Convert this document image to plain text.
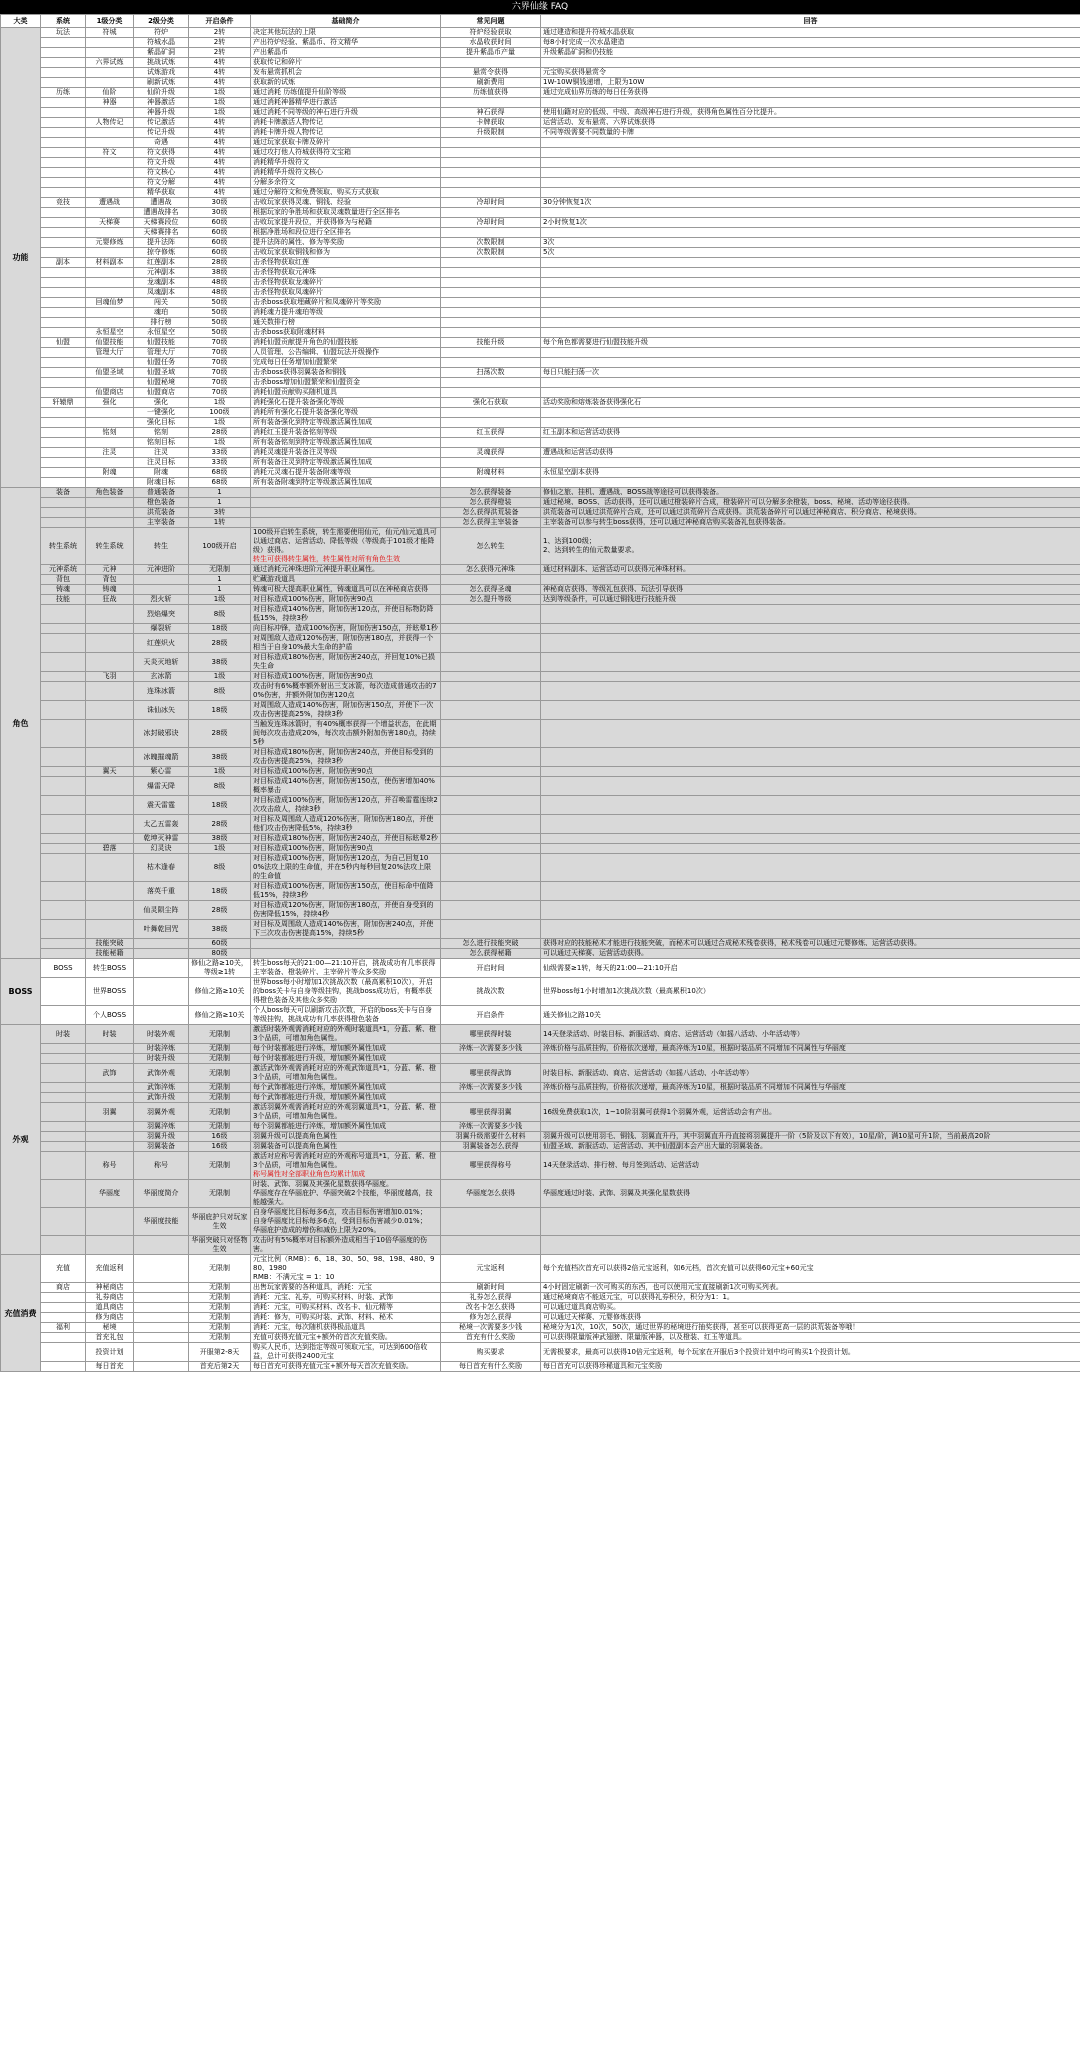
六界仙缘 FAQ
大类	系统	1级分类	2级分类	开启条件	基础简介	常见问题	回答
功能	玩法	符城	符炉	2转	决定其他玩法的上限	符炉经验获取	通过建造和提升符城水晶获取
			符城水晶	2转	产出符炉经验、紫晶币、符文精华	水晶收获时间	每8小时完成一次水晶建造
			紫晶矿洞	2转	产出紫晶币	提升紫晶币产量	升级紫晶矿洞和仍技能
		六界试炼	挑战试炼	4转	获取传记和碎片		
			试炼游戏	4转	发布悬赏抓机会	悬赏令获得	元宝购买获得悬赏令
			刷新试炼	4转	获取新的试炼	刷新费用	1W-10W铜钱递增，上限为10W
	历练	仙阶	仙阶升级	1级	通过消耗 历练值提升仙阶等级	历练值获得	通过完成仙界历练的每日任务获得
		神器	神器激活	1级	通过消耗神器精华进行激活		
			神器升级	1级	通过消耗不同等级的神石进行升级	神石获得	使用仙籍对应的低级、中级、高级神石进行升级，获得角色属性百分比提升。
		人物传记	传记激活	4转	消耗卡牌激活人物传记	卡牌获取	运营活动、发布悬赏、六界试炼获得
			传记升级	4转	消耗卡牌升级人物传记	升级限制	不同等级需要不同数量的卡牌
			奇遇	4转	通过玩家获取卡牌及碎片		
		符文	符文获得	4转	通过攻打他人符城获得符文宝箱		
			符文升级	4转	消耗精华升级符文		
			符文核心	4转	消耗精华升级符文核心		
			符文分解	4转	分解多余符文		
			精华获取	4转	通过分解符文和免费领取、购买方式获取		
	竞技	遭遇战	遭遇战	30级	击败玩家获得灵魂、铜钱、经验	冷却时间	30分钟恢复1次
			遭遇战排名	30级	根据玩家的争胜场和获取灵魂数量进行全区排名		
		天梯赛	天梯赛段位	60级	击败玩家提升段位，并获得修为与秘籍	冷却时间	2小时恢复1次
			天梯赛排名	60级	根据净胜场和段位进行全区排名		
		元婴修炼	提升法阵	60级	提升法阵的属性、修为等奖励	次数限制	3次
			掠夺修炼	60级	击败玩家获取铜钱和修为	次数限制	5次
	副本	材料副本	红莲副本	28级	击杀怪物获取红莲		
			元神副本	38级	击杀怪物获取元神珠		
			龙魂副本	48级	击杀怪物获取龙魂碎片		
			凤魂副本	48级	击杀怪物获取凤魂碎片		
		回魂仙梦	闯关	50级	击杀boss获取埋藏碎片和凤魂碎片等奖励		
			魂珀	50级	消耗魂力提升魂珀等级		
			排行榜	50级	通关数排行榜		
		永恒星空	永恒星空	50级	击杀boss获取附魂材料		
	仙盟	仙盟技能	仙盟技能	70级	消耗仙盟贡献提升角色的仙盟技能	技能升级	每个角色都需要进行仙盟技能升级
		管理大厅	管理大厅	70级	人员管理、公告编辑、仙盟玩法开级操作		
			仙盟任务	70级	完成每日任务增加仙盟繁荣		
		仙盟圣域	仙盟圣域	70级	击杀boss获得羽翼装备和铜钱	扫荡次数	每日只能扫荡一次
			仙盟秘境	70级	击杀boss增加仙盟繁荣和仙盟资金		
		仙盟商店	仙盟商店	70级	消耗仙盟贡献购买随机道具		
	轩辕鼎	强化	强化	1级	消耗强化石提升装备强化等级	强化石获取	活动奖励和熔炼装备获得强化石
			一键强化	100级	消耗所有强化石提升装备强化等级		
			强化目标	1级	所有装备强化到特定等级激活属性加成		
		铭刻	铭刻	28级	消耗红玉提升装备铭刻等级	红玉获得	红玉副本和运营活动获得
			铭刻目标	1级	所有装备铭刻到特定等级激活属性加成		
		注灵	注灵	33级	消耗灵魂提升装备注灵等级	灵魂获得	遭遇战和运营活动获得
			注灵目标	33级	所有装备注灵到特定等级激活属性加成		
		附魂	附魂	68级	消耗元灵魂石提升装备附魂等级	附魂材料	永恒星空副本获得
			附魂目标	68级	所有装备附魂到特定等级激活属性加成		
角色	装备	角色装备	普通装备	1		怎么获得装备	修仙之旅、挂机、遭遇战、BOSS战等途径可以获得装备。
			橙色装备	1		怎么获得橙装	通过秘境、BOSS、活动获得，还可以通过橙装碎片合成，橙装碎片可以分解多余橙装，boss、秘境、活动等途径获得。
			洪荒装备	3转		怎么获得洪荒装备	洪荒装备可以通过洪荒碎片合成，还可以通过洪荒碎片合成获得。洪荒装备碎片可以通过神秘商店、积分商店、秘境获得。
			主宰装备	1转		怎么获得主宰装备	主宰装备可以参与转生boss获得，还可以通过神秘商店购买装备礼包获得装备。
	转生系统	转生系统	转生	100级开启	100级开启转生系统，转生需要使用仙元，仙元/仙元道具可以通过商店、运营活动、降低等级（等级高于101级才能降级）获得。
转生可获得转生属性，转生属性对所有角色生效	怎么转生	1、达到100级；
2、达到转生的仙元数量要求。
	元神系统	元神	元神进阶	无限制	通过消耗元神珠进阶元神提升职业属性。	怎么获得元神珠	通过材料副本、运营活动可以获得元神珠材料。
	背包	背包		1	贮藏游戏道具		
	铸魂	铸魂		1	铸魂可极大提高职业属性，铸魂道具可以在神秘商店获得	怎么获得圣魂	神秘商店获得、等级礼包获得、玩法引导获得
	技能	狂战	烈火斩	1级	对目标造成100%伤害，附加伤害90点	怎么提升等级	达到等级条件，可以通过铜钱进行技能升级
			烈焰爆突	8级	对目标造成140%伤害，附加伤害120点，并使目标物防降低15%，持续3秒		
			爆裂斩	18级	向目标冲锋，造成100%伤害，附加伤害150点，并眩晕1秒		
			红莲炽火	28级	对周围敌人造成120%伤害，附加伤害180点，并获得一个相当于自身10%最大生命的护盾		
			天炎灭地斩	38级	对目标造成180%伤害，附加伤害240点，并回复10%已损失生命		
		飞羽	玄冰箭	1级	对目标造成100%伤害，附加伤害90点		
			连珠冰箭	8级	攻击时有6%概率额外射出三支冰箭，每次造成普通攻击的70%伤害，并额外附加伤害120点		
			诛仙冰矢	18级	对周围敌人造成140%伤害，附加伤害150点，并使下一次攻击伤害提高25%，持续3秒		
			冰封破邪诀	28级	当触发连珠冰箭时，有40%概率获得一个增益状态，在此期间每次攻击造成20%，每次攻击额外附加伤害180点，持续5秒		
			冰魄摧魂箭	38级	对目标造成180%伤害，附加伤害240点，并使目标受到的攻击伤害提高25%，持续3秒		
		翼天	紫心雷	1级	对目标造成100%伤害，附加伤害90点		
			爆雷天降	8级	对目标造成140%伤害，附加伤害150点，使伤害增加40%概率暴击		
			震天雷霆	18级	对目标造成100%伤害，附加伤害120点，并召唤雷霆连续2次攻击敌人，持续3秒		
			太乙五雷轰	28级	对目标及周围敌人造成120%伤害，附加伤害180点，并使他们攻击伤害降低5%，持续3秒		
			乾坤灭神雷	38级	对目标造成180%伤害，附加伤害240点，并使目标眩晕2秒		
		碧落	幻灵诀	1级	对目标造成100%伤害，附加伤害90点		
			枯木逢春	8级	对目标造成100%伤害，附加伤害120点，为自己回复100%法攻上限的生命值，并在5秒内每秒回复20%法攻上限的生命值		
			落英千重	18级	对目标造成100%伤害，附加伤害150点，使目标命中值降低15%，持续3秒		
			仙灵陨尘阵	28级	对目标造成120%伤害，附加伤害180点，并使自身受到的伤害降低15%，持续4秒		
			叶舞乾回咒	38级	对目标及周围敌人造成140%伤害，附加伤害240点，并使下三次攻击伤害提高15%，持续5秒		
		技能突破		60级		怎么进行技能突破	获得对应的技能秘术才能进行技能突破，而秘术可以通过合成秘术残卷获得，秘术残卷可以通过元婴修炼、运营活动获得。
		技能秘籍		80级		怎么获得秘籍	可以通过天梯赛、运营活动获得。
BOSS	BOSS	转生BOSS		修仙之路≥10关，等级≥1转	转生boss每天的21:00—21:10开启，挑战成功有几率获得主宰装备、橙装碎片、主宰碎片等众多奖励	开启时间	仙级需要≥1转，每天的21:00—21:10开启
		世界BOSS		修仙之路≥10关	世界boss每小时增加1次挑战次数（最高累积10次），开启的boss关卡与自身等级挂钩，挑战boss成功后，有概率获得橙色装备及其他众多奖励	挑战次数	世界boss每1小时增加1次挑战次数（最高累积10次）
		个人BOSS		修仙之路≥10关	个人boss每天可以刷新攻击次数，开启的boss关卡与自身等级挂钩，挑战成功有几率获得橙色装备	开启条件	通关修仙之路10关
外观	时装	时装	时装外观	无限制	激活时装外观需消耗对应的外观时装道具*1，分蓝、紫、橙3个品质，可增加角色属性。	哪里获得时装	14天登录活动、时装目标、新服活动、商店、运营活动（如摇八活动、小年活动等）
			时装淬炼	无限制	每个时装都能进行淬炼，增加额外属性加成	淬炼一次需要多少钱	淬炼价格与品质挂钩，价格依次递增，最高淬炼为10星，根据时装品质不同增加不同属性与华丽度
			时装升级	无限制	每个时装都能进行升级，增加额外属性加成		
		武饰	武饰外观	无限制	激活武饰外观需消耗对应的外观武饰道具*1，分蓝、紫、橙3个品质，可增加角色属性。	哪里获得武饰	时装目标、新服活动、商店、运营活动（如摇八活动、小年活动等）
			武饰淬炼	无限制	每个武饰都能进行淬炼，增加额外属性加成	淬炼一次需要多少钱	淬炼价格与品质挂钩，价格依次递增，最高淬炼为10星，根据时装品质不同增加不同属性与华丽度
			武饰升级	无限制	每个武饰都能进行升级，增加额外属性加成		
		羽翼	羽翼外观	无限制	激活羽翼外观需消耗对应的外观羽翼道具*1，分蓝、紫、橙3个品质，可增加角色属性。	哪里获得羽翼	16级免费获取1次，1~10阶羽翼可获得1个羽翼外观，运营活动会有产出。
			羽翼淬炼	无限制	每个羽翼都能进行淬炼，增加额外属性加成	淬炼一次需要多少钱	
			羽翼升级	16级	羽翼升级可以提高角色属性	羽翼升级需要什么材料	羽翼升级可以使用羽毛、铜钱、羽翼直升丹，其中羽翼直升丹直接将羽翼提升一阶（5阶及以下有效），10星/阶，满10星可升1阶，当前最高20阶
			羽翼装备	16级	羽翼装备可以提高角色属性	羽翼装备怎么获得	仙盟圣域、新服活动、运营活动、其中仙盟副本会产出大量的羽翼装备。
		称号	称号	无限制	激活对应称号需消耗对应的外观称号道具*1，分蓝、紫、橙3个品质，可增加角色属性。
称号属性对全部职业角色均累计加成	哪里获得称号	14天登录活动、排行榜、每月签到活动、运营活动
		华丽度	华丽度简介	无限制	时装、武饰、羽翼及其强化星数获得华丽度。
华丽度存在华丽庇护、华丽突破2个技能，华丽度越高，技能越强大。	华丽度怎么获得	华丽度通过时装、武饰、羽翼及其强化星数获得
			华丽度技能	华丽庇护只对玩家生效	自身华丽度比目标每多6点，攻击目标伤害增加0.01%；
自身华丽度比目标每多6点，受到目标伤害减少0.01%；
华丽庇护造成的增伤和减伤上限为20%。		
				华丽突破只对怪物生效	攻击时有5%概率对目标额外造成相当于10倍华丽度的伤害。		
充值消费	充值	充值返利		无限制	元宝比例（RMB）：6、18、30、50、98、198、480、980、1980
RMB：不满元宝 = 1：10	元宝返利	每个充值档次首充可以获得2倍元宝返利，如6元档，首次充值可以获得60元宝+60元宝
	商店	神秘商店		无限制	出售玩家需要的各种道具，消耗：元宝	刷新时间	4小时固定刷新一次可购买的东西，也可以使用元宝直接刷新1次可购买列表。
		礼券商店		无限制	消耗：元宝、礼券，可购买材料、时装、武饰	礼券怎么获得	通过秘境商店不能返元宝，可以获得礼券积分，积分为1：1。
		道具商店		无限制	消耗：元宝，可购买材料、改名卡、仙元精等	改名卡怎么获得	可以通过道具商店购买。
		修为商店		无限制	消耗：修为，可购买时装、武饰、材料、秘术	修为怎么获得	可以通过天梯赛、元婴修炼获得
	福利	秘境		无限制	消耗：元宝，每次随机获得极品道具	秘境一次需要多少钱	秘境分为1次，10次，50次，通过世界的秘境进行抽奖获得，甚至可以获得更高一层的洪荒装备等哦！
		首充礼包		无限制	充值可获得充值元宝+额外的首次充值奖励。	首充有什么奖励	可以获得限量版神武翅膀、限量版神器，以及橙装、红玉等道具。
		投资计划		开服第2-8天	购买人民币，达到指定等级可领取元宝，可达到600倍收益，总计可获得2400元宝	购买要求	无需极要求，最高可以获得10倍元宝返利，每个玩家在开服后3个投资计划中均可购买1个投资计划。
		每日首充		首充后第2天	每日首充可获得充值元宝+额外每天首次充值奖励。	每日首充有什么奖励	每日首充可以获得珍稀道具和元宝奖励
